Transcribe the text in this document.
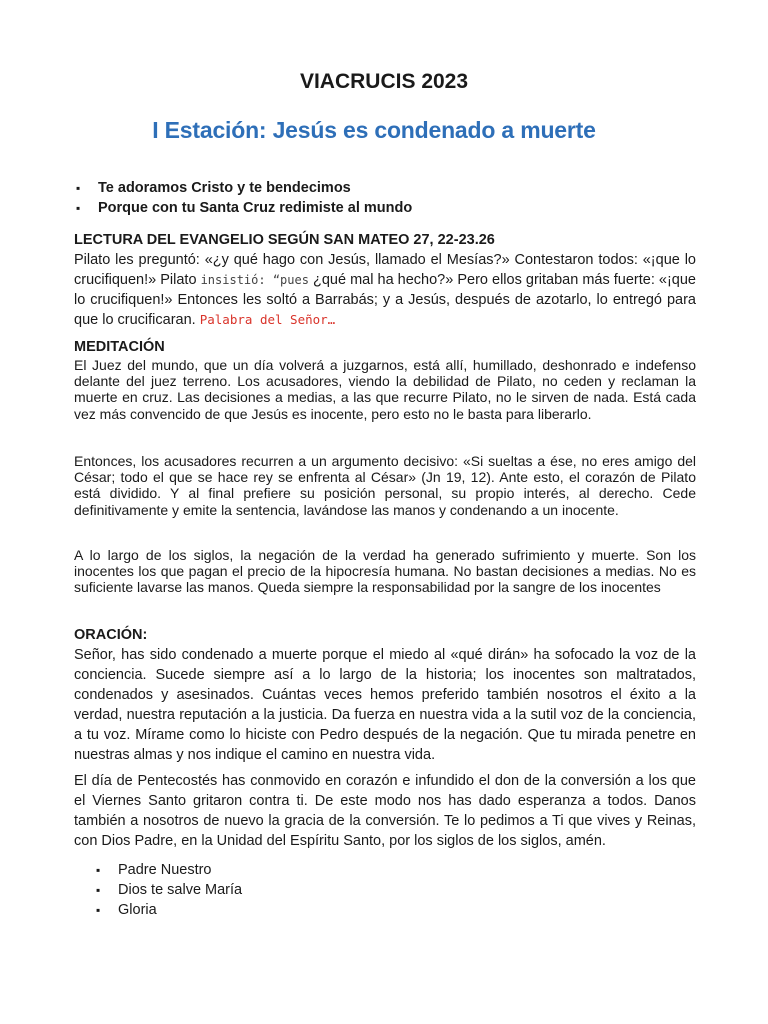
VIACRUCIS 2023
I Estación: Jesús es condenado a muerte
▪ Te adoramos Cristo y te bendecimos
▪ Porque con tu Santa Cruz redimiste al mundo

LECTURA DEL EVANGELIO SEGÚN SAN MATEO 27, 22-23.26

Pilato les preguntó: «¿y qué hago con Jesús, llamado el Mesías?» Contestaron todos: «¡que lo crucifiquen!» Pilato insistió: “pues ¿qué mal ha hecho?» Pero ellos gritaban más fuerte: «¡que lo crucifiquen!» Entonces les soltó a Barrabás; y a Jesús, después de azotarlo, lo entregó para que lo crucificaran. Palabra del Señor…

MEDITACIÓN

El Juez del mundo, que un día volverá a juzgarnos, está allí, humillado, deshonrado e indefenso delante del juez terreno. Los acusadores, viendo la debilidad de Pilato, no ceden y reclaman la muerte en cruz. Las decisiones a medias, a las que recurre Pilato, no le sirven de nada. Está cada vez más convencido de que Jesús es inocente, pero esto no le basta para liberarlo.

Entonces, los acusadores recurren a un argumento decisivo: «Si sueltas a ése, no eres amigo del César; todo el que se hace rey se enfrenta al César» (Jn 19, 12). Ante esto, el corazón de Pilato está dividido. Y al final prefiere su posición personal, su propio interés, al derecho. Cede definitivamente y emite la sentencia, lavándose las manos y condenando a un inocente.

A lo largo de los siglos, la negación de la verdad ha generado sufrimiento y muerte. Son los inocentes los que pagan el precio de la hipocresía humana. No bastan decisiones a medias. No es suficiente lavarse las manos. Queda siempre la responsabilidad por la sangre de los inocentes

ORACIÓN:

Señor, has sido condenado a muerte porque el miedo al «qué dirán» ha sofocado la voz de la conciencia. Sucede siempre así a lo largo de la historia; los inocentes son maltratados, condenados y asesinados. Cuántas veces hemos preferido también nosotros el éxito a la verdad, nuestra reputación a la justicia. Da fuerza en nuestra vida a la sutil voz de la conciencia, a tu voz. Mírame como lo hiciste con Pedro después de la negación. Que tu mirada penetre en nuestras almas y nos indique el camino en nuestra vida.

El día de Pentecostés has conmovido en corazón e infundido el don de la conversión a los que el Viernes Santo gritaron contra ti. De este modo nos has dado esperanza a todos. Danos también a nosotros de nuevo la gracia de la conversión. Te lo pedimos a Ti que vives y Reinas, con Dios Padre, en la Unidad del Espíritu Santo, por los siglos de los siglos, amén.

▪ Padre Nuestro
▪ Dios te salve María
▪ Gloria
